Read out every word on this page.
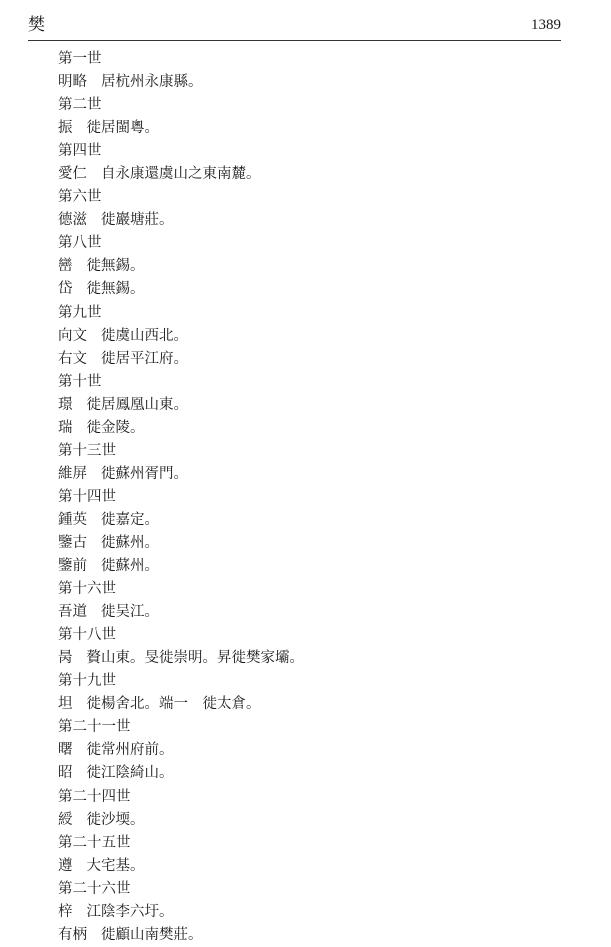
樊	1389
第一世
明略 居杭州永康縣。
第二世
振 徙居閩粵。
第四世
愛仁 自永康還虞山之東南麓。
第六世
德滋 徙巖塘莊。
第八世
巒 徙無錫。
岱 徙無錫。
第九世
向文 徙虞山西北。
右文 徙居平江府。
第十世
璟 徙居鳳凰山東。
瑞 徙金陵。
第十三世
維屏 徙蘇州胥門。
第十四世
鍾英 徙嘉定。
鑒古 徙蘇州。
鑒前 徙蘇州。
第十六世
吾道 徙吴江。
第十八世
昺 贅山東。旻徙崇明。昇徙樊家壩。
第十九世
坦 徙楊舍北。端一　徙太倉。
第二十一世
曙 徙常州府前。
昭 徙江陰綺山。
第二十四世
綬 徙沙堧。
第二十五世
遵 大宅基。
第二十六世
梓 江陰李六圩。
有柄 徙顧山南樊莊。
